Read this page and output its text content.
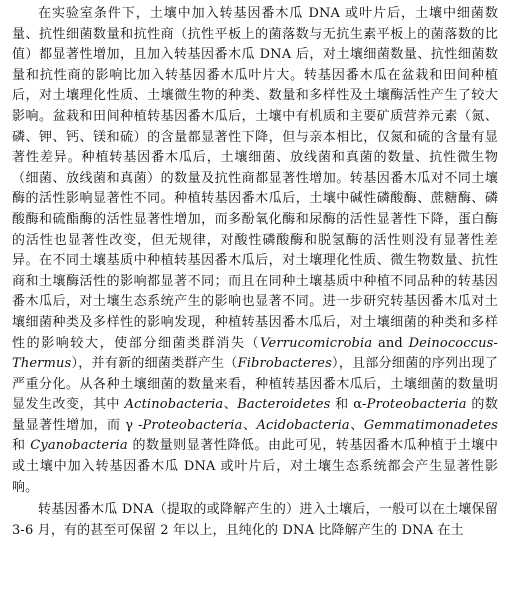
在实验室条件下，土壤中加入转基因番木瓜 DNA 或叶片后，土壤中细菌数量、抗性细菌数量和抗性商（抗性平板上的菌落数与无抗生素平板上的菌落数的比值）都显著性增加，且加入转基因番木瓜 DNA 后，对土壤细菌数量、抗性细菌数量和抗性商的影响比加入转基因番木瓜叶片大。转基因番木瓜在盆栽和田间种植后，对土壤理化性质、土壤微生物的种类、数量和多样性及土壤酶活性产生了较大影响。盆栽和田间种植转基因番木瓜后，土壤中有机质和主要矿质营养元素（氮、磷、钾、钙、镁和硫）的含量都显著性下降，但与亲本相比，仅氮和硫的含量有显著性差异。种植转基因番木瓜后，土壤细菌、放线菌和真菌的数量、抗性微生物（细菌、放线菌和真菌）的数量及抗性商都显著性增加。转基因番木瓜对不同土壤酶的活性影响显著性不同。种植转基因番木瓜后，土壤中碱性磷酸酶、蔗糖酶、磷酸酶和硫酯酶的活性显著性增加，而多酚氧化酶和尿酶的活性显著性下降，蛋白酶的活性也显著性改变，但无规律，对酸性磷酸酶和脱氢酶的活性则没有显著性差异。在不同土壤基质中种植转基因番木瓜后，对土壤理化性质、微生物数量、抗性商和土壤酶活性的影响都显著不同；而且在同种土壤基质中种植不同品种的转基因番木瓜后，对土壤生态系统产生的影响也显著不同。进一步研究转基因番木瓜对土壤细菌种类及多样性的影响发现，种植转基因番木瓜后，对土壤细菌的种类和多样性的影响较大，使部分细菌类群消失（Verrucomicrobia and Deinococcus-Thermus），并有新的细菌类群产生（Fibrobacteres），且部分细菌的序列出现了严重分化。从各种土壤细菌的数量来看，种植转基因番木瓜后，土壤细菌的数量明显发生改变，其中 Actinobacteria、Bacteroidetes 和 α-Proteobacteria 的数量显著性增加，而 γ -Proteobacteria、Acidobacteria、Gemmatimonadetes 和 Cyanobacteria 的数量则显著性降低。由此可见，转基因番木瓜种植于土壤中或土壤中加入转基因番木瓜 DNA 或叶片后，对土壤生态系统都会产生显著性影响。

转基因番木瓜 DNA（提取的或降解产生的）进入土壤后，一般可以在土壤保留 3-6 月，有的甚至可保留 2 年以上，且纯化的 DNA 比降解产生的 DNA 在土
